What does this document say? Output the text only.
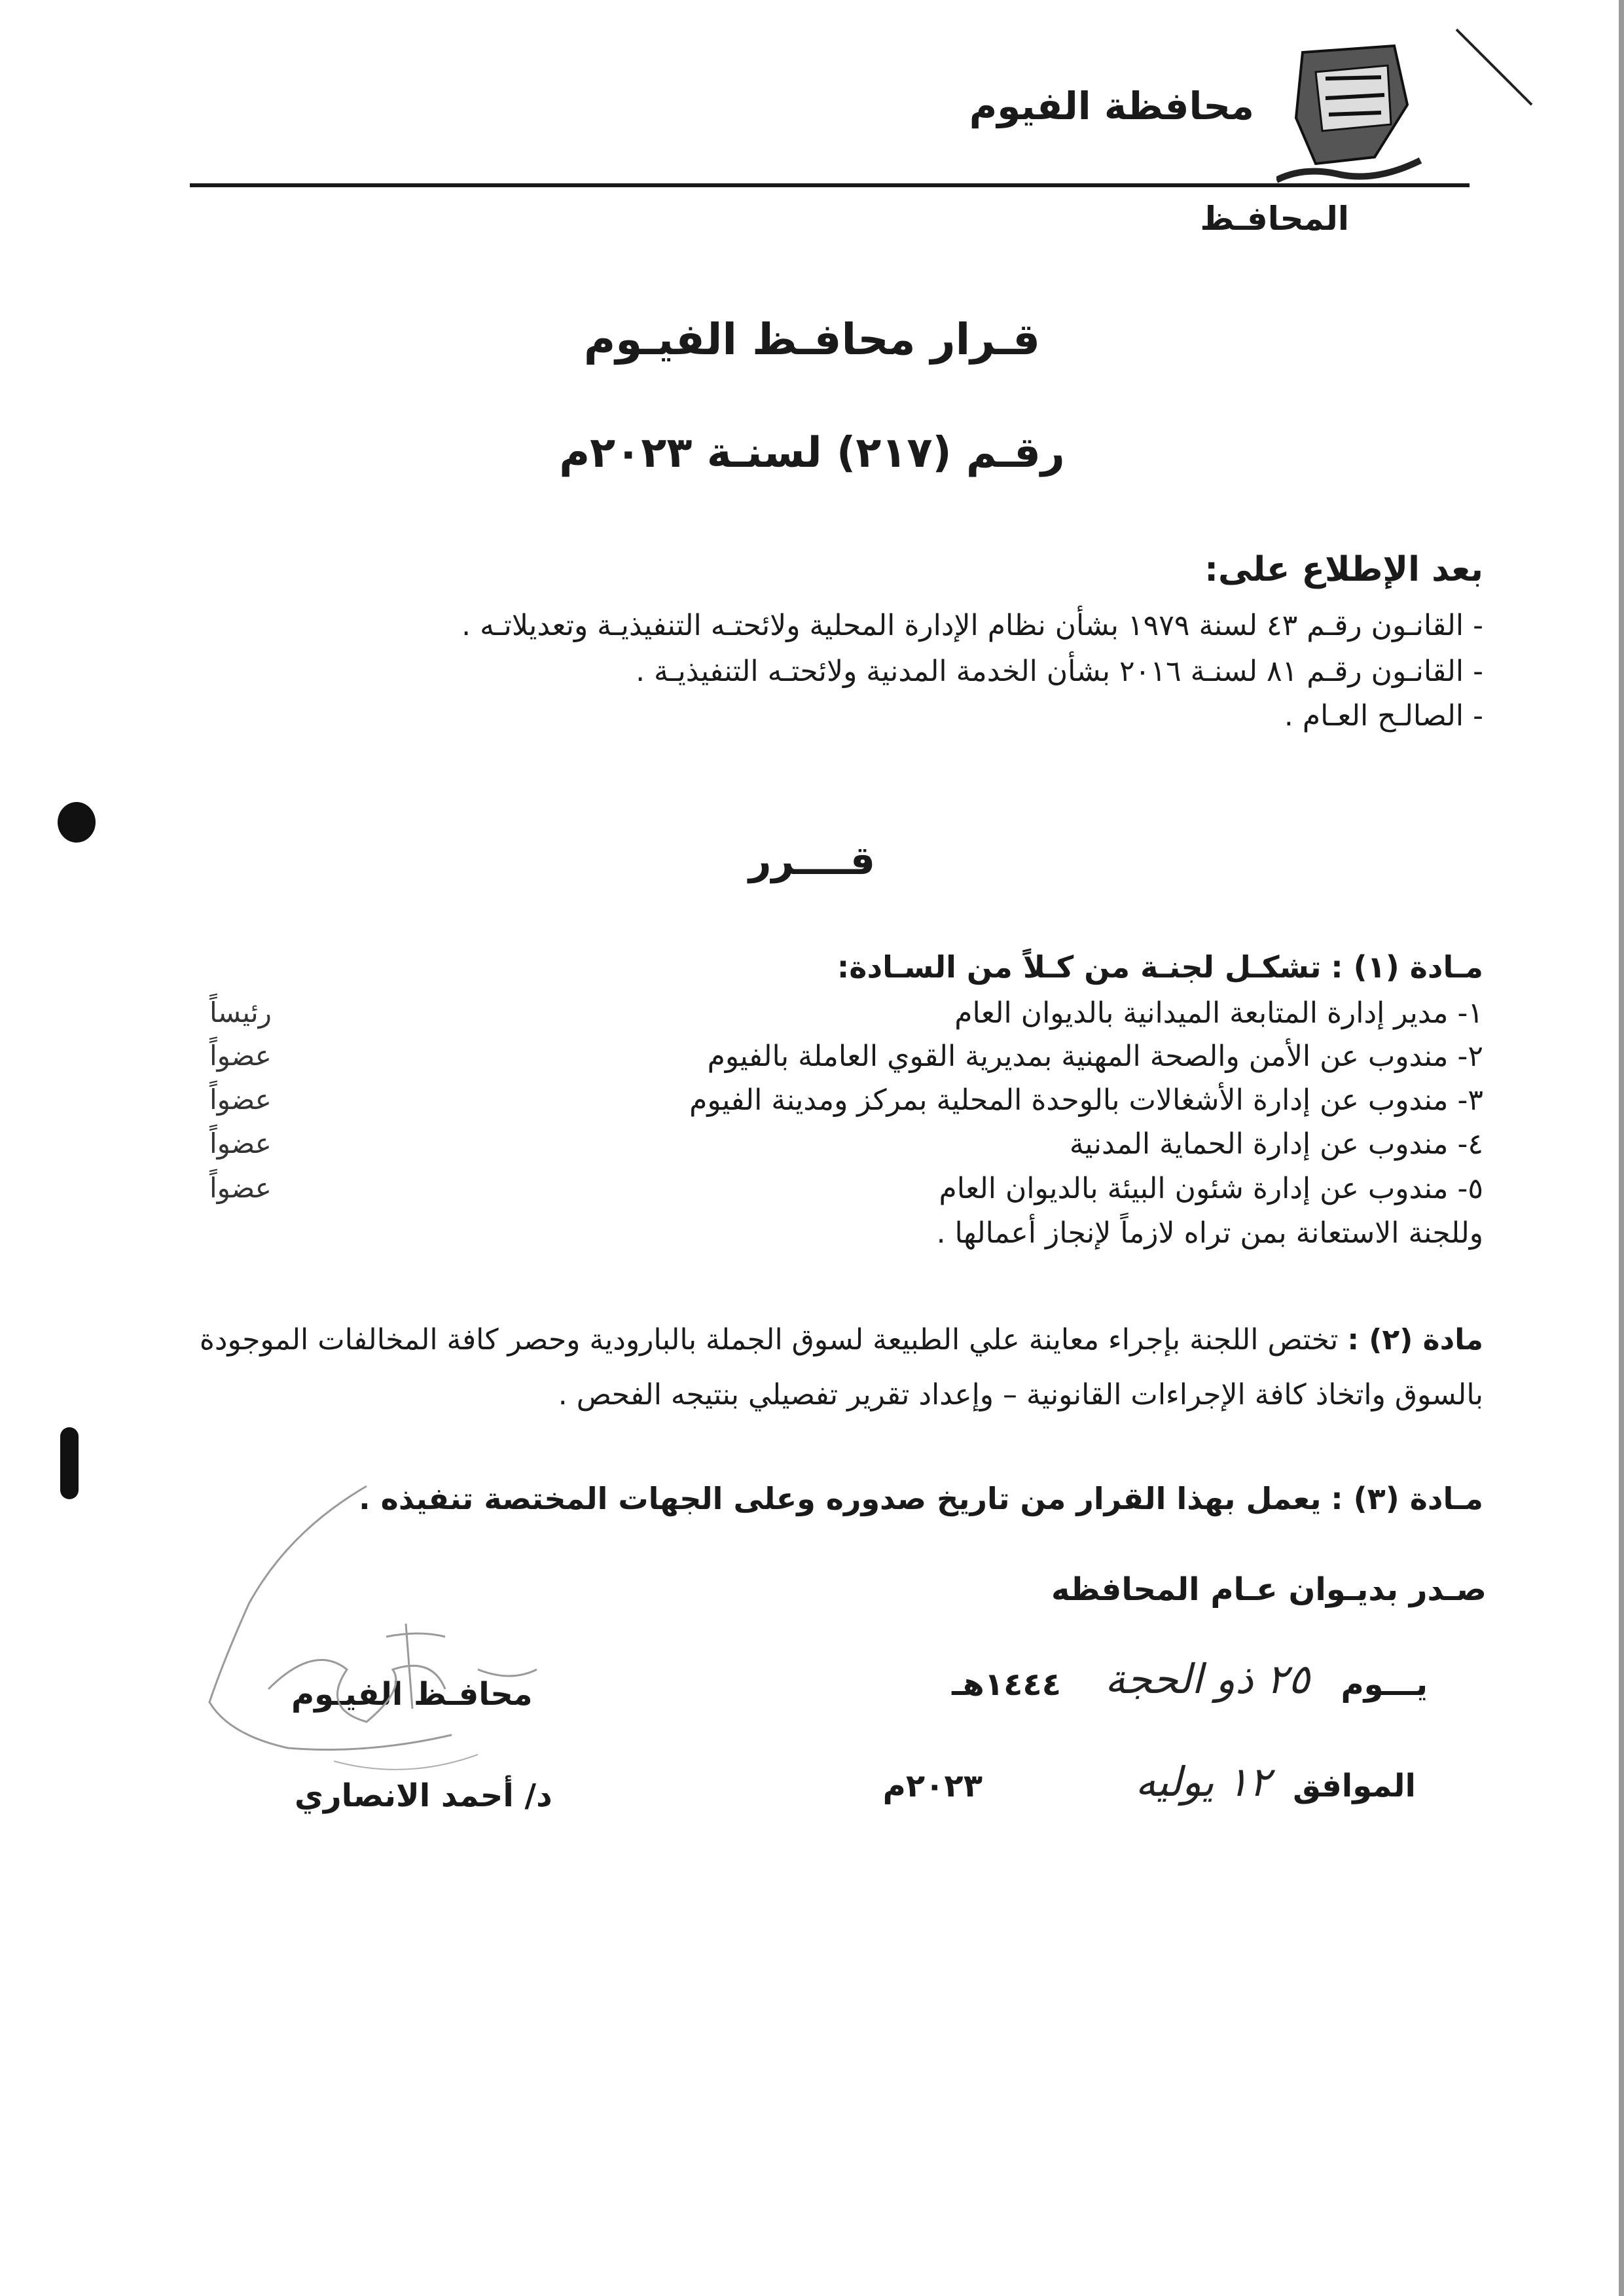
محافظة الفيوم
المحافـظ
قـرار محافـظ الفيـوم
رقـم (٢١٧) لسنـة ٢٠٢٣م
بعد الإطلاع على:
- القانـون رقـم ٤٣ لسنة ١٩٧٩ بشأن نظام الإدارة المحلية ولائحتـه التنفيذيـة وتعديلاتـه .
- القانـون رقـم ٨١ لسنـة ٢٠١٦ بشأن الخدمة المدنية ولائحتـه التنفيذيـة .
- الصالـح العـام .
قــــرر
مـادة (١) : تشكـل لجنـة من كـلاً من السـادة:
١- مدير إدارة المتابعة الميدانية بالديوان العام
رئيساً
٢- مندوب عن الأمن والصحة المهنية بمديرية القوي العاملة بالفيوم
عضواً
٣- مندوب عن إدارة الأشغالات بالوحدة المحلية بمركز ومدينة الفيوم
عضواً
٤- مندوب عن إدارة الحماية المدنية
عضواً
٥- مندوب عن إدارة شئون البيئة بالديوان العام
عضواً
وللجنة الاستعانة بمن تراه لازماً لإنجاز أعمالها .
مادة (٢) : تختص اللجنة بإجراء معاينة علي الطبيعة لسوق الجملة بالبارودية وحصر كافة المخالفات الموجودة بالسوق واتخاذ كافة الإجراءات القانونية – وإعداد تقرير تفصيلي بنتيجه الفحص .
مـادة (٣) : يعمل بهذا القرار من تاريخ صدوره وعلى الجهات المختصة تنفيذه .
صـدر بديـوان عـام المحافظه
يـــوم
٢٥ ذو الحجة
١٤٤٤هـ
الموافق
١٢ يوليه
٢٠٢٣م
محافـظ الفيـوم
د/ أحمد الانصاري
